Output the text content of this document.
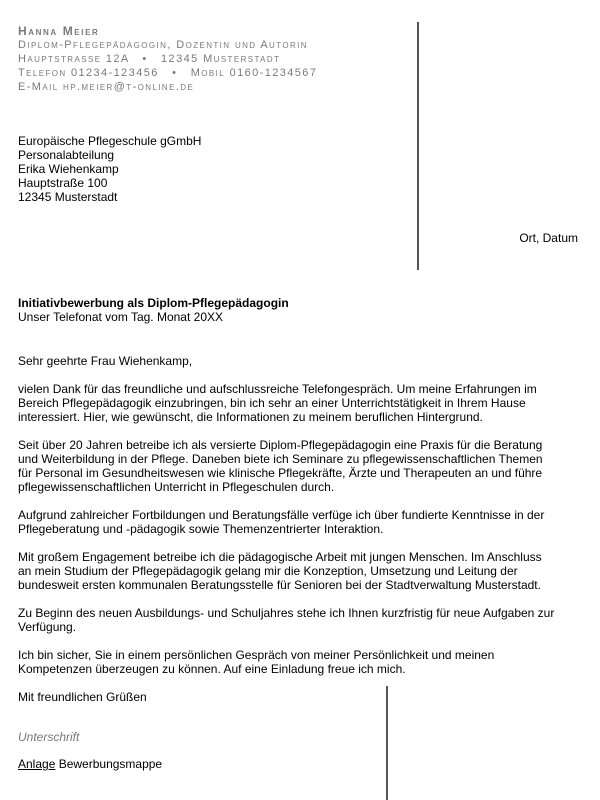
Hanna Meier
Diplom-Pflegepädagogin, Dozentin und Autorin
Hauptstrasse 12A   •   12345 Musterstadt
Telefon 01234-123456   •   Mobil 0160-1234567
E-Mail hp.meier@t-online.de
Europäische Pflegeschule gGmbH
Personalabteilung
Erika Wiehenkamp
Hauptstraße 100
12345 Musterstadt
Ort, Datum
Initiativbewerbung als Diplom-Pflegepädagogin
Unser Telefonat vom Tag. Monat 20XX

Sehr geehrte Frau Wiehenkamp,

vielen Dank für das freundliche und aufschlussreiche Telefongespräch. Um meine Erfahrungen im Bereich Pflegepädagogik einzubringen, bin ich sehr an einer Unterrichtstätigkeit in Ihrem Hause interessiert. Hier, wie gewünscht, die Informationen zu meinem beruflichen Hintergrund.

Seit über 20 Jahren betreibe ich als versierte Diplom-Pflegepädagogin eine Praxis für die Beratung und Weiterbildung in der Pflege. Daneben biete ich Seminare zu pflegewissenschaftlichen Themen für Personal im Gesundheitswesen wie klinische Pflegekräfte, Ärzte und Therapeuten an und führe pflegewissenschaftlichen Unterricht in Pflegeschulen durch.

Aufgrund zahlreicher Fortbildungen und Beratungsfälle verfüge ich über fundierte Kenntnisse in der Pflegeberatung und -pädagogik sowie Themenzentrierter Interaktion.

Mit großem Engagement betreibe ich die pädagogische Arbeit mit jungen Menschen. Im Anschluss an mein Studium der Pflegepädagogik gelang mir die Konzeption, Umsetzung und Leitung der bundesweit ersten kommunalen Beratungsstelle für Senioren bei der Stadtverwaltung Musterstadt.

Zu Beginn des neuen Ausbildungs- und Schuljahres stehe ich Ihnen kurzfristig für neue Aufgaben zur Verfügung.

Ich bin sicher, Sie in einem persönlichen Gespräch von meiner Persönlichkeit und meinen Kompetenzen überzeugen zu können. Auf eine Einladung freue ich mich.

Mit freundlichen Grüßen

Unterschrift
Anlage Bewerbungsmappe
